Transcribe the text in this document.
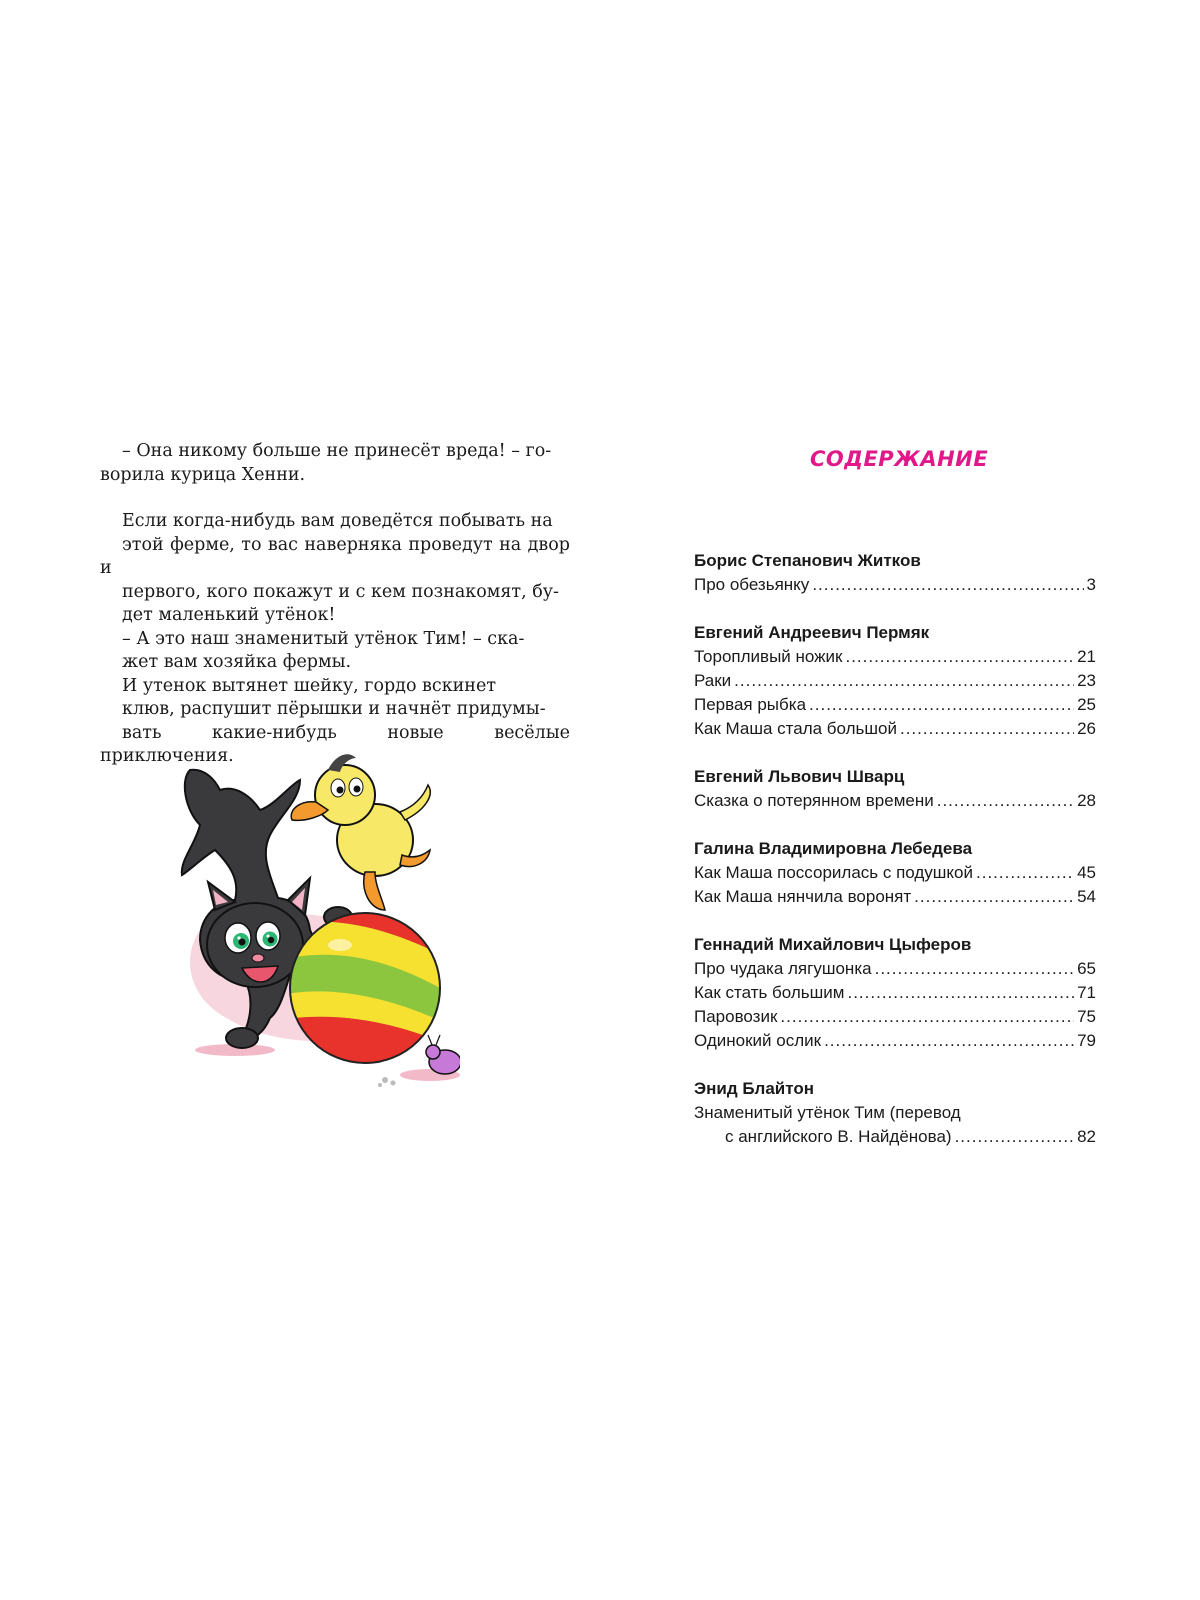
– Она никому больше не принесёт вреда! – го-
ворила курица Хенни.

Если когда-нибудь вам доведётся побывать на
этой ферме, то вас наверняка проведут на двор и
первого, кого покажут и с кем познакомят, бу-
дет маленький утёнок!

– А это наш знаменитый утёнок Тим! – ска-
жет вам хозяйка фермы.

И утенок вытянет шейку, гордо вскинет
клюв, распушит пёрышки и начнёт придумы-
вать какие-нибудь новые весёлые приключения.

СОДЕРЖАНИЕ
Борис Степанович Житков
Про обезьянку .....	3
Евгений Андреевич Пермяк
Торопливый ножик .....	21
Раки .....	23
Первая рыбка .....	25
Как Маша стала большой .....	26
Евгений Львович Шварц
Сказка о потерянном времени .....	28
Галина Владимировна Лебедева
Как Маша поссорилась с подушкой .....	45
Как Маша нянчила воронят .....	54
Геннадий Михайлович Цыферов
Про чудака лягушонка .....	65
Как стать большим .....	71
Паровозик .....	75
Одинокий ослик .....	79
Энид Блайтон
Знаменитый утёнок Тим (перевод
с английского В. Найдёнова) .....	82
